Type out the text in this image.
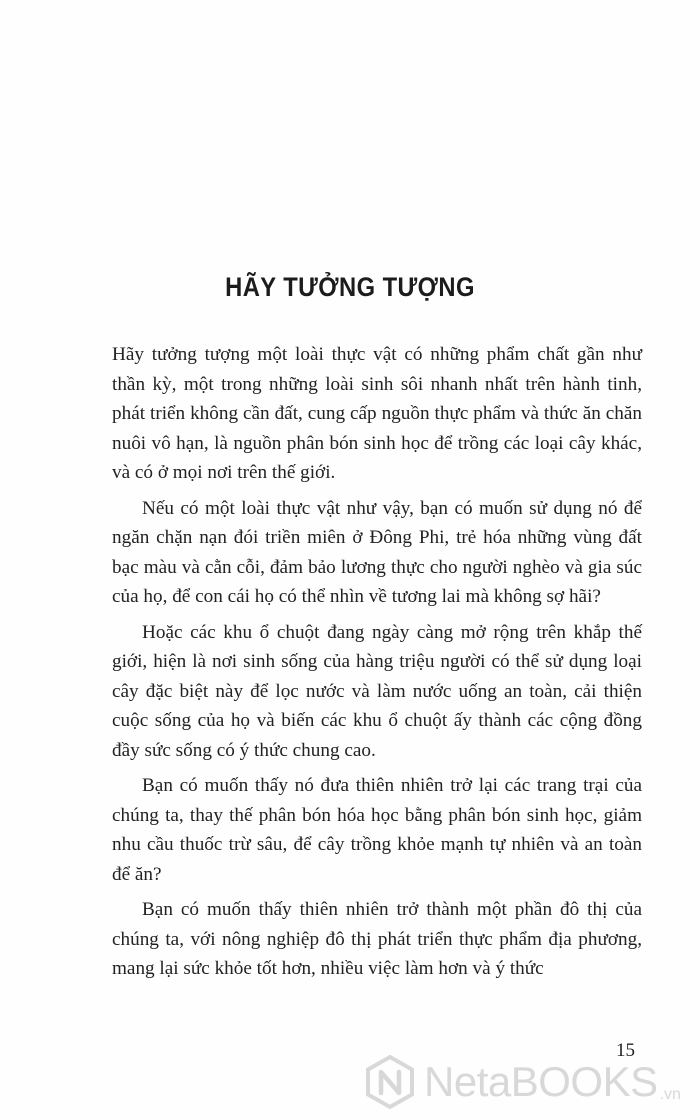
HÃY TƯỞNG TƯỢNG

Hãy tưởng tượng một loài thực vật có những phẩm chất gần như thần kỳ, một trong những loài sinh sôi nhanh nhất trên hành tinh, phát triển không cần đất, cung cấp nguồn thực phẩm và thức ăn chăn nuôi vô hạn, là nguồn phân bón sinh học để trồng các loại cây khác, và có ở mọi nơi trên thế giới.

Nếu có một loài thực vật như vậy, bạn có muốn sử dụng nó để ngăn chặn nạn đói triền miên ở Đông Phi, trẻ hóa những vùng đất bạc màu và cằn cỗi, đảm bảo lương thực cho người nghèo và gia súc của họ, để con cái họ có thể nhìn về tương lai mà không sợ hãi?

Hoặc các khu ổ chuột đang ngày càng mở rộng trên khắp thế giới, hiện là nơi sinh sống của hàng triệu người có thể sử dụng loại cây đặc biệt này để lọc nước và làm nước uống an toàn, cải thiện cuộc sống của họ và biến các khu ổ chuột ấy thành các cộng đồng đầy sức sống có ý thức chung cao.

Bạn có muốn thấy nó đưa thiên nhiên trở lại các trang trại của chúng ta, thay thế phân bón hóa học bằng phân bón sinh học, giảm nhu cầu thuốc trừ sâu, để cây trồng khỏe mạnh tự nhiên và an toàn để ăn?

Bạn có muốn thấy thiên nhiên trở thành một phần đô thị của chúng ta, với nông nghiệp đô thị phát triển thực phẩm địa phương, mang lại sức khỏe tốt hơn, nhiều việc làm hơn và ý thức

15
NetaBOOKS .vn
